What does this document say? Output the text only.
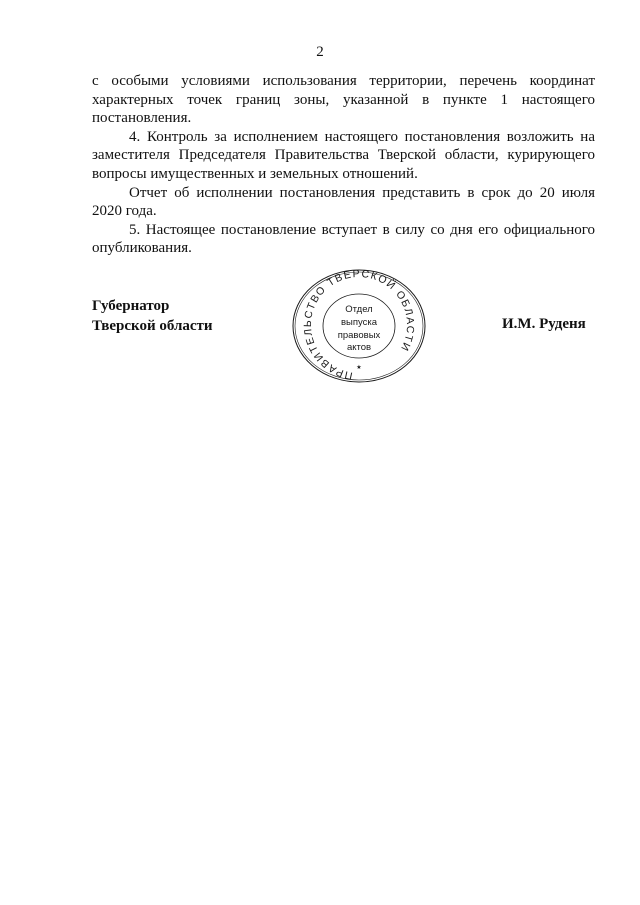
2

с особыми условиями использования территории, перечень координат характерных точек границ зоны, указанной в пункте 1 настоящего постановления.

4. Контроль за исполнением настоящего постановления возложить на заместителя Председателя Правительства Тверской области, курирующего вопросы имущественных и земельных отношений.

Отчет об исполнении постановления представить в срок до 20 июля 2020 года.

5. Настоящее постановление вступает в силу со дня его официального опубликования.

Губернатор
Тверской области	И.М. Руденя
ПРАВИТЕЛЬСТВО ТВЕРСКОЙ ОБЛАСТИ
Отдел
выпуска
правовых
актов
★
